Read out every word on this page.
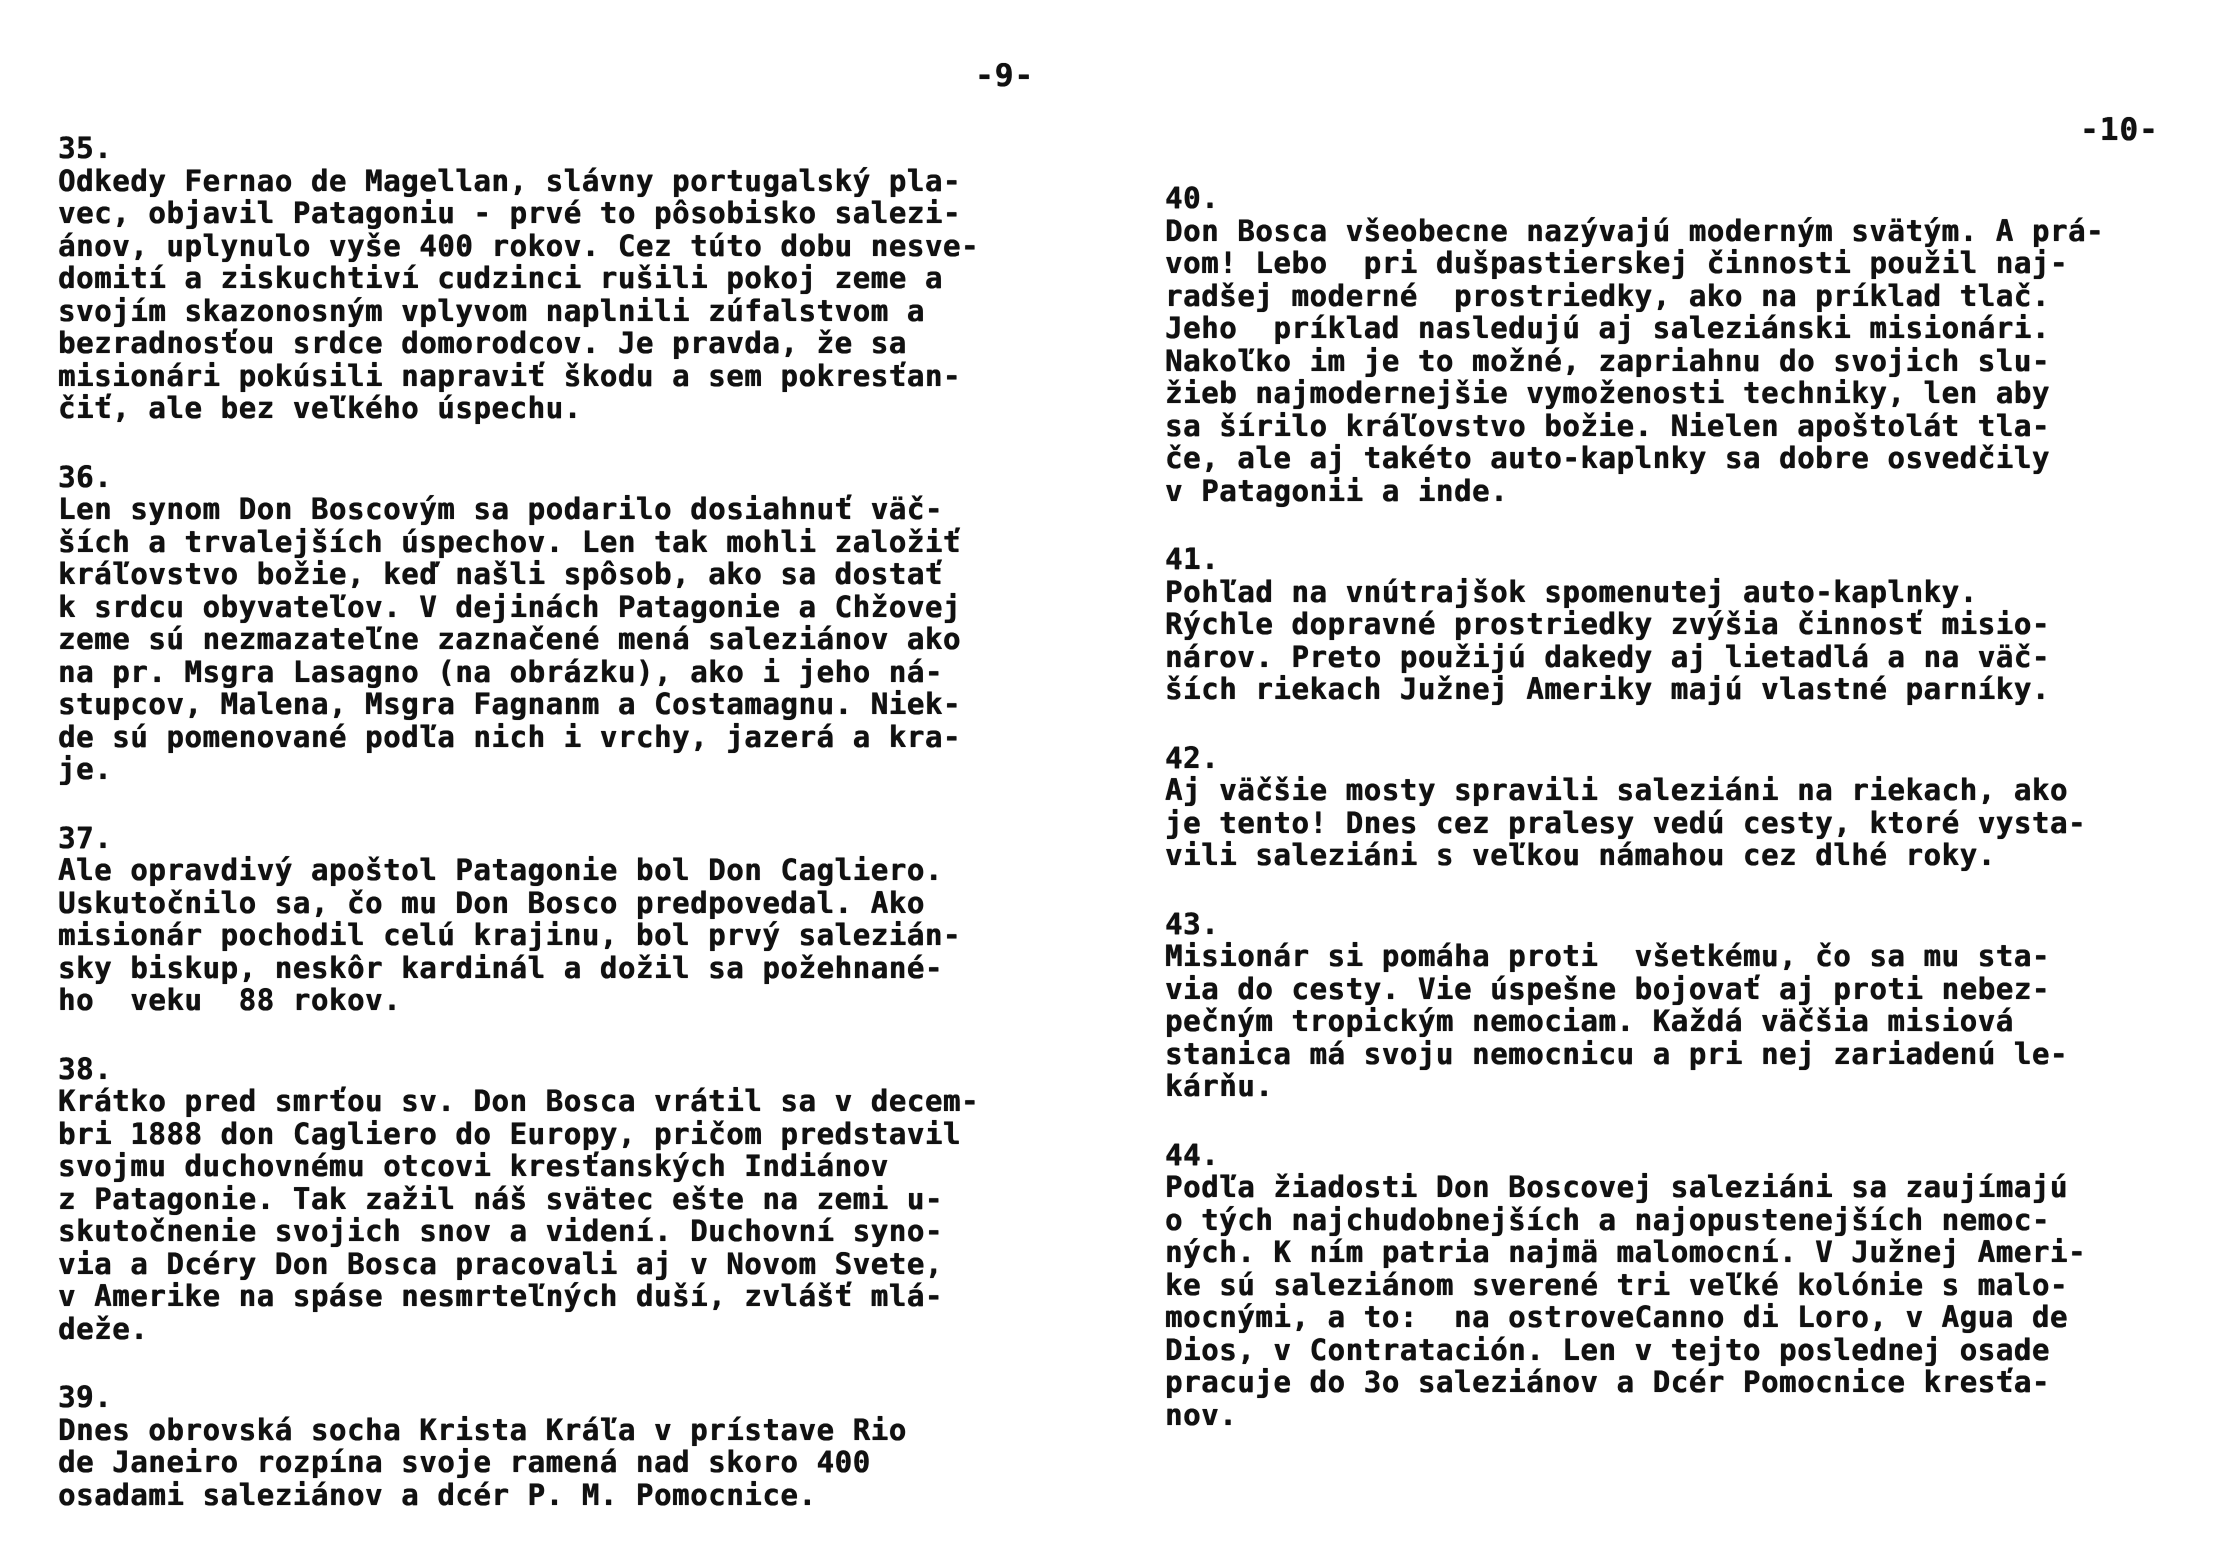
-9-
35.
Odkedy Fernao de Magellan, slávny portugalský pla-
vec, objavil Patagoniu - prvé to pôsobisko salezi-
ánov, uplynulo vyše 400 rokov. Cez túto dobu nesve-
domití a ziskuchtiví cudzinci rušili pokoj zeme a
svojím skazonosným vplyvom naplnili zúfalstvom a
bezradnosťou srdce domorodcov. Je pravda, že sa
misionári pokúsili napraviť škodu a sem pokresťan-
čiť, ale bez veľkého úspechu.
36.
Len synom Don Boscovým sa podarilo dosiahnuť väč-
ších a trvalejších úspechov. Len tak mohli založiť
kráľovstvo božie, keď našli spôsob, ako sa dostať
k srdcu obyvateľov. V dejinách Patagonie a Chžovej
zeme sú nezmazateľne zaznačené mená saleziánov ako
na pr. Msgra Lasagno (na obrázku), ako i jeho ná-
stupcov, Malena, Msgra Fagnanm a Costamagnu. Niek-
de sú pomenované podľa nich i vrchy, jazerá a kra-
je.
37.
Ale opravdivý apoštol Patagonie bol Don Cagliero.
Uskutočnilo sa, čo mu Don Bosco predpovedal. Ako
misionár pochodil celú krajinu, bol prvý salezián-
sky biskup, neskôr kardinál a dožil sa požehnané-
ho  veku  88 rokov.
38.
Krátko pred smrťou sv. Don Bosca vrátil sa v decem-
bri 1888 don Cagliero do Europy, pričom predstavil
svojmu duchovnému otcovi kresťanských Indiánov
z Patagonie. Tak zažil náš svätec ešte na zemi u-
skutočnenie svojich snov a videní. Duchovní syno-
via a Dcéry Don Bosca pracovali aj v Novom Svete,
v Amerike na spáse nesmrteľných duší, zvlášť mlá-
deže.
39.
Dnes obrovská socha Krista Kráľa v prístave Rio
de Janeiro rozpína svoje ramená nad skoro 400
osadami saleziánov a dcér P. M. Pomocnice.
-10-
40.
Don Bosca všeobecne nazývajú moderným svätým. A prá-
vom! Lebo  pri dušpastierskej činnosti použil naj-
radšej moderné  prostriedky, ako na príklad tlač.
Jeho  príklad nasledujú aj saleziánski misionári.
Nakoľko im je to možné, zapriahnu do svojich slu-
žieb najmodernejšie vymoženosti techniky, len aby
sa šírilo kráľovstvo božie. Nielen apoštolát tla-
če, ale aj takéto auto-kaplnky sa dobre osvedčily
v Patagonii a inde.
41.
Pohľad na vnútrajšok spomenutej auto-kaplnky.
Rýchle dopravné prostriedky zvýšia činnosť misio-
nárov. Preto použijú dakedy aj lietadlá a na väč-
ších riekach Južnej Ameriky majú vlastné parníky.
42.
Aj väčšie mosty spravili saleziáni na riekach, ako
je tento! Dnes cez pralesy vedú cesty, ktoré vysta-
vili saleziáni s veľkou námahou cez dlhé roky.
43.
Misionár si pomáha proti  všetkému, čo sa mu sta-
via do cesty. Vie úspešne bojovať aj proti nebez-
pečným tropickým nemociam. Každá väčšia misiová
stanica má svoju nemocnicu a pri nej zariadenú le-
kárňu.
44.
Podľa žiadosti Don Boscovej saleziáni sa zaujímajú
o tých najchudobnejších a najopustenejších nemoc-
ných. K ním patria najmä malomocní. V Južnej Ameri-
ke sú saleziánom sverené tri veľké kolónie s malo-
mocnými, a to:  na ostroveCanno di Loro, v Agua de
Dios, v Contratación. Len v tejto poslednej osade
pracuje do 3o saleziánov a Dcér Pomocnice kresťa-
nov.
